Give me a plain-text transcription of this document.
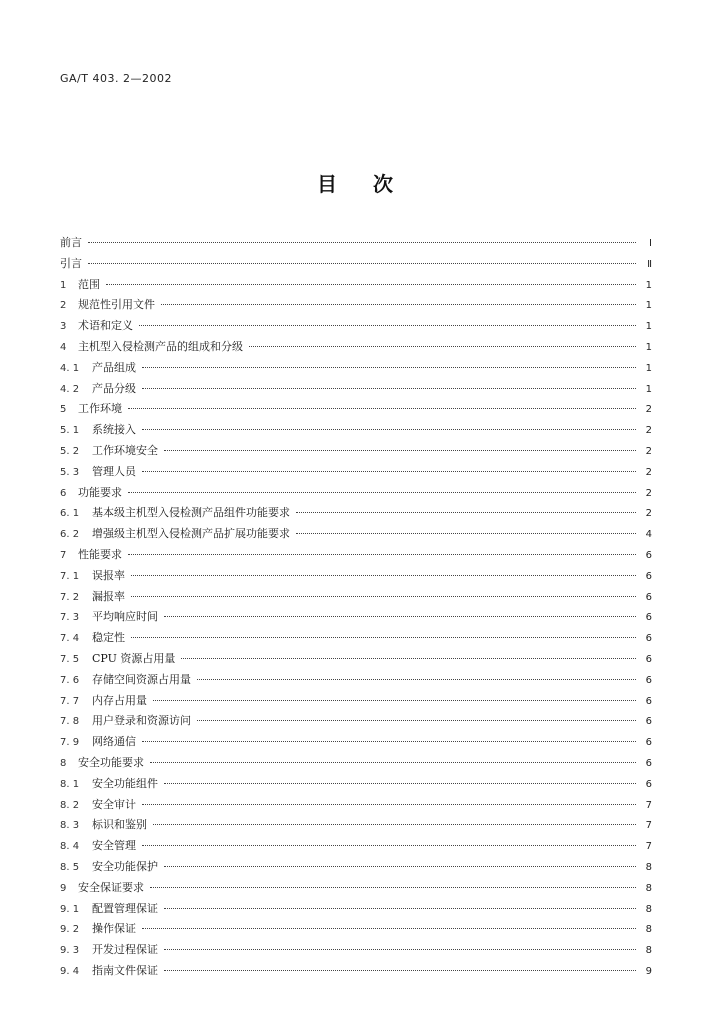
GA/T 403. 2—2002
目 次
前言	Ⅰ
引言	Ⅱ
1	范围	1
2	规范性引用文件	1
3	术语和定义	1
4	主机型入侵检测产品的组成和分级	1
4. 1	产品组成	1
4. 2	产品分级	1
5	工作环境	2
5. 1	系统接入	2
5. 2	工作环境安全	2
5. 3	管理人员	2
6	功能要求	2
6. 1	基本级主机型入侵检测产品组件功能要求	2
6. 2	增强级主机型入侵检测产品扩展功能要求	4
7	性能要求	6
7. 1	误报率	6
7. 2	漏报率	6
7. 3	平均响应时间	6
7. 4	稳定性	6
7. 5	CPU 资源占用量	6
7. 6	存储空间资源占用量	6
7. 7	内存占用量	6
7. 8	用户登录和资源访问	6
7. 9	网络通信	6
8	安全功能要求	6
8. 1	安全功能组件	6
8. 2	安全审计	7
8. 3	标识和鉴别	7
8. 4	安全管理	7
8. 5	安全功能保护	8
9	安全保证要求	8
9. 1	配置管理保证	8
9. 2	操作保证	8
9. 3	开发过程保证	8
9. 4	指南文件保证	9
